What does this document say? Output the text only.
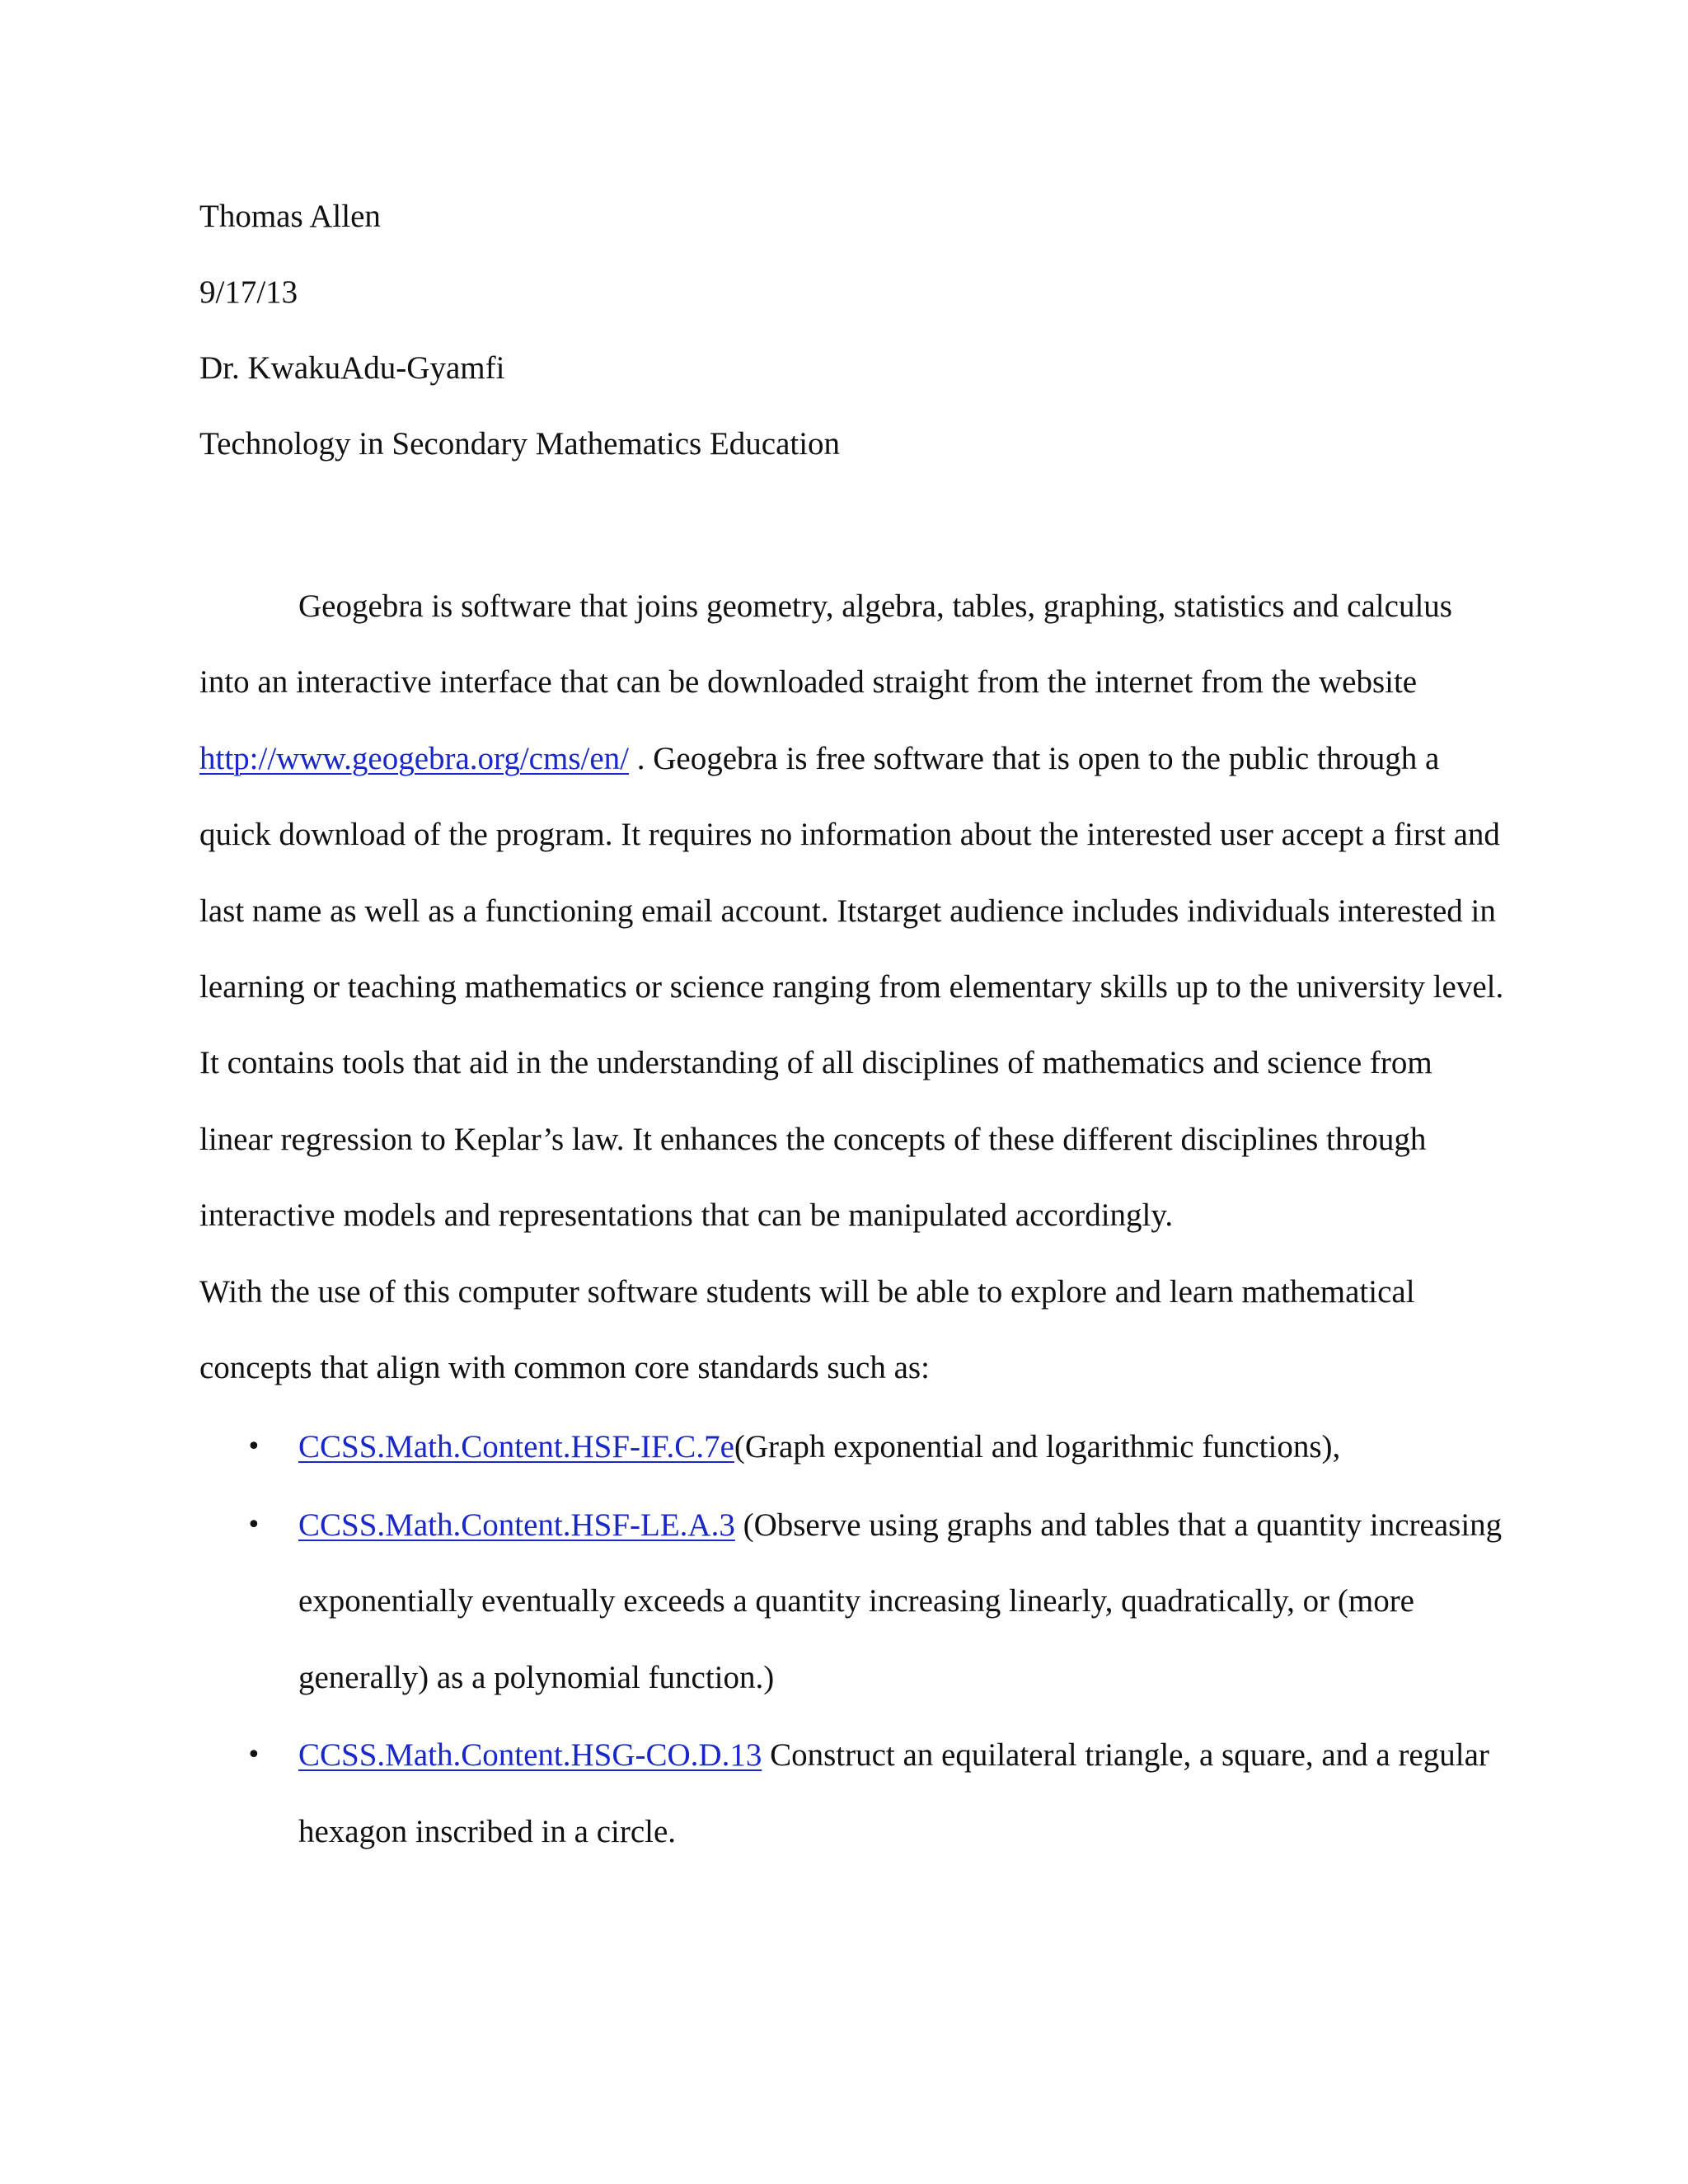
Thomas Allen

9/17/13

Dr. KwakuAdu-Gyamfi

Technology in Secondary Mathematics Education

Geogebra is software that joins geometry, algebra, tables, graphing, statistics and calculus into an interactive interface that can be downloaded straight from the internet from the website http://www.geogebra.org/cms/en/ . Geogebra is free software that is open to the public through a quick download of the program. It requires no information about the interested user accept a first and last name as well as a functioning email account. Itstarget audience includes individuals interested in learning or teaching mathematics or science ranging from elementary skills up to the university level. It contains tools that aid in the understanding of all disciplines of mathematics and science from linear regression to Keplar’s law. It enhances the concepts of these different disciplines through interactive models and representations that can be manipulated accordingly.

With the use of this computer software students will be able to explore and learn mathematical concepts that align with common core standards such as:

• CCSS.Math.Content.HSF-IF.C.7e(Graph exponential and logarithmic functions),
• CCSS.Math.Content.HSF-LE.A.3 (Observe using graphs and tables that a quantity increasing exponentially eventually exceeds a quantity increasing linearly, quadratically, or (more generally) as a polynomial function.)
• CCSS.Math.Content.HSG-CO.D.13 Construct an equilateral triangle, a square, and a regular hexagon inscribed in a circle.
